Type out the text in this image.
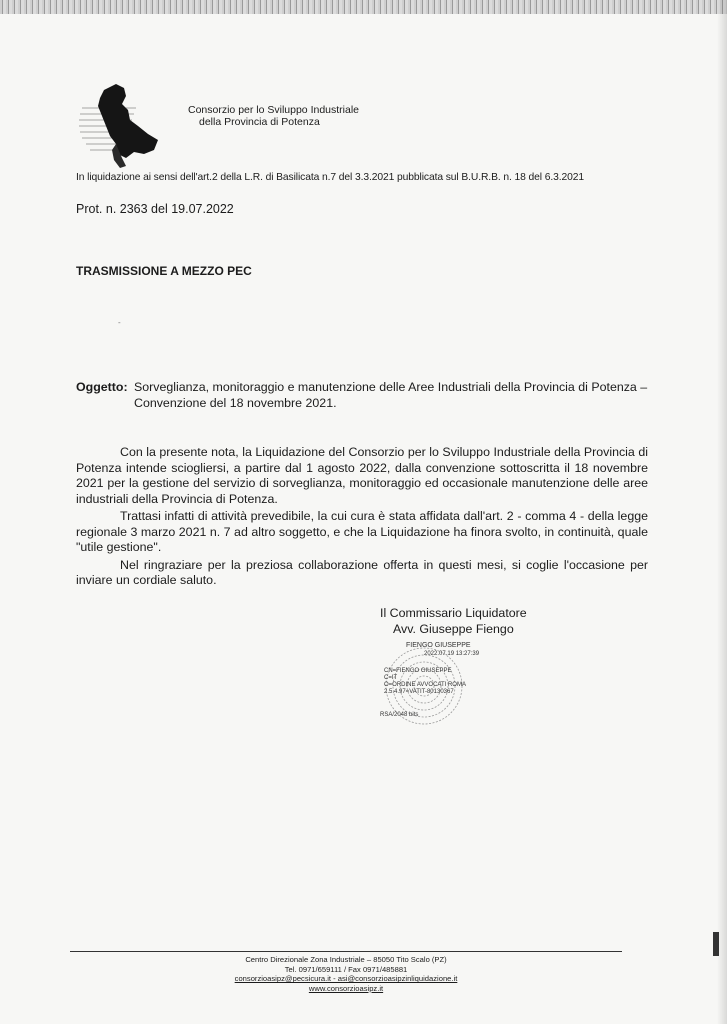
Consorzio per lo Sviluppo Industriale
della Provincia di Potenza
In liquidazione ai sensi dell'art.2 della L.R. di Basilicata n.7 del 3.3.2021 pubblicata sul B.U.R.B. n. 18 del 6.3.2021
Prot. n. 2363 del 19.07.2022
TRASMISSIONE A MEZZO PEC
-
Oggetto: Sorveglianza, monitoraggio e manutenzione delle Aree Industriali della Provincia di Potenza –
Convenzione del 18 novembre 2021.

Con la presente nota, la Liquidazione del Consorzio per lo Sviluppo Industriale della Provincia di Potenza intende sciogliersi, a partire dal 1 agosto 2022, dalla convenzione sottoscritta il 18 novembre 2021 per la gestione del servizio di sorveglianza, monitoraggio ed occasionale manutenzione delle aree industriali della Provincia di Potenza.

Trattasi infatti di attività prevedibile, la cui cura è stata affidata dall'art. 2 - comma 4 - della legge regionale 3 marzo 2021 n. 7 ad altro soggetto, e che la Liquidazione ha finora svolto, in continuità, quale "utile gestione".

Nel ringraziare per la preziosa collaborazione offerta in questi mesi, si coglie l'occasione per inviare un cordiale saluto.

Il Commissario Liquidatore
Avv. Giuseppe Fiengo
FIENGO GIUSEPPE
2022.07.19 13:27:39
CN=FIENGO GIUSEPPE
C=IT
O=ORDINE AVVOCATI ROMA
2.5.4.97=VATIT-80130367
RSA/2048 bits
Centro Direzionale Zona Industriale – 85050 Tito Scalo (PZ)
Tel. 0971/659111 / Fax 0971/485881
consorzioasipz@pecsicura.it - asi@consorzioasipzinliquidazione.it
www.consorzioasipz.it
